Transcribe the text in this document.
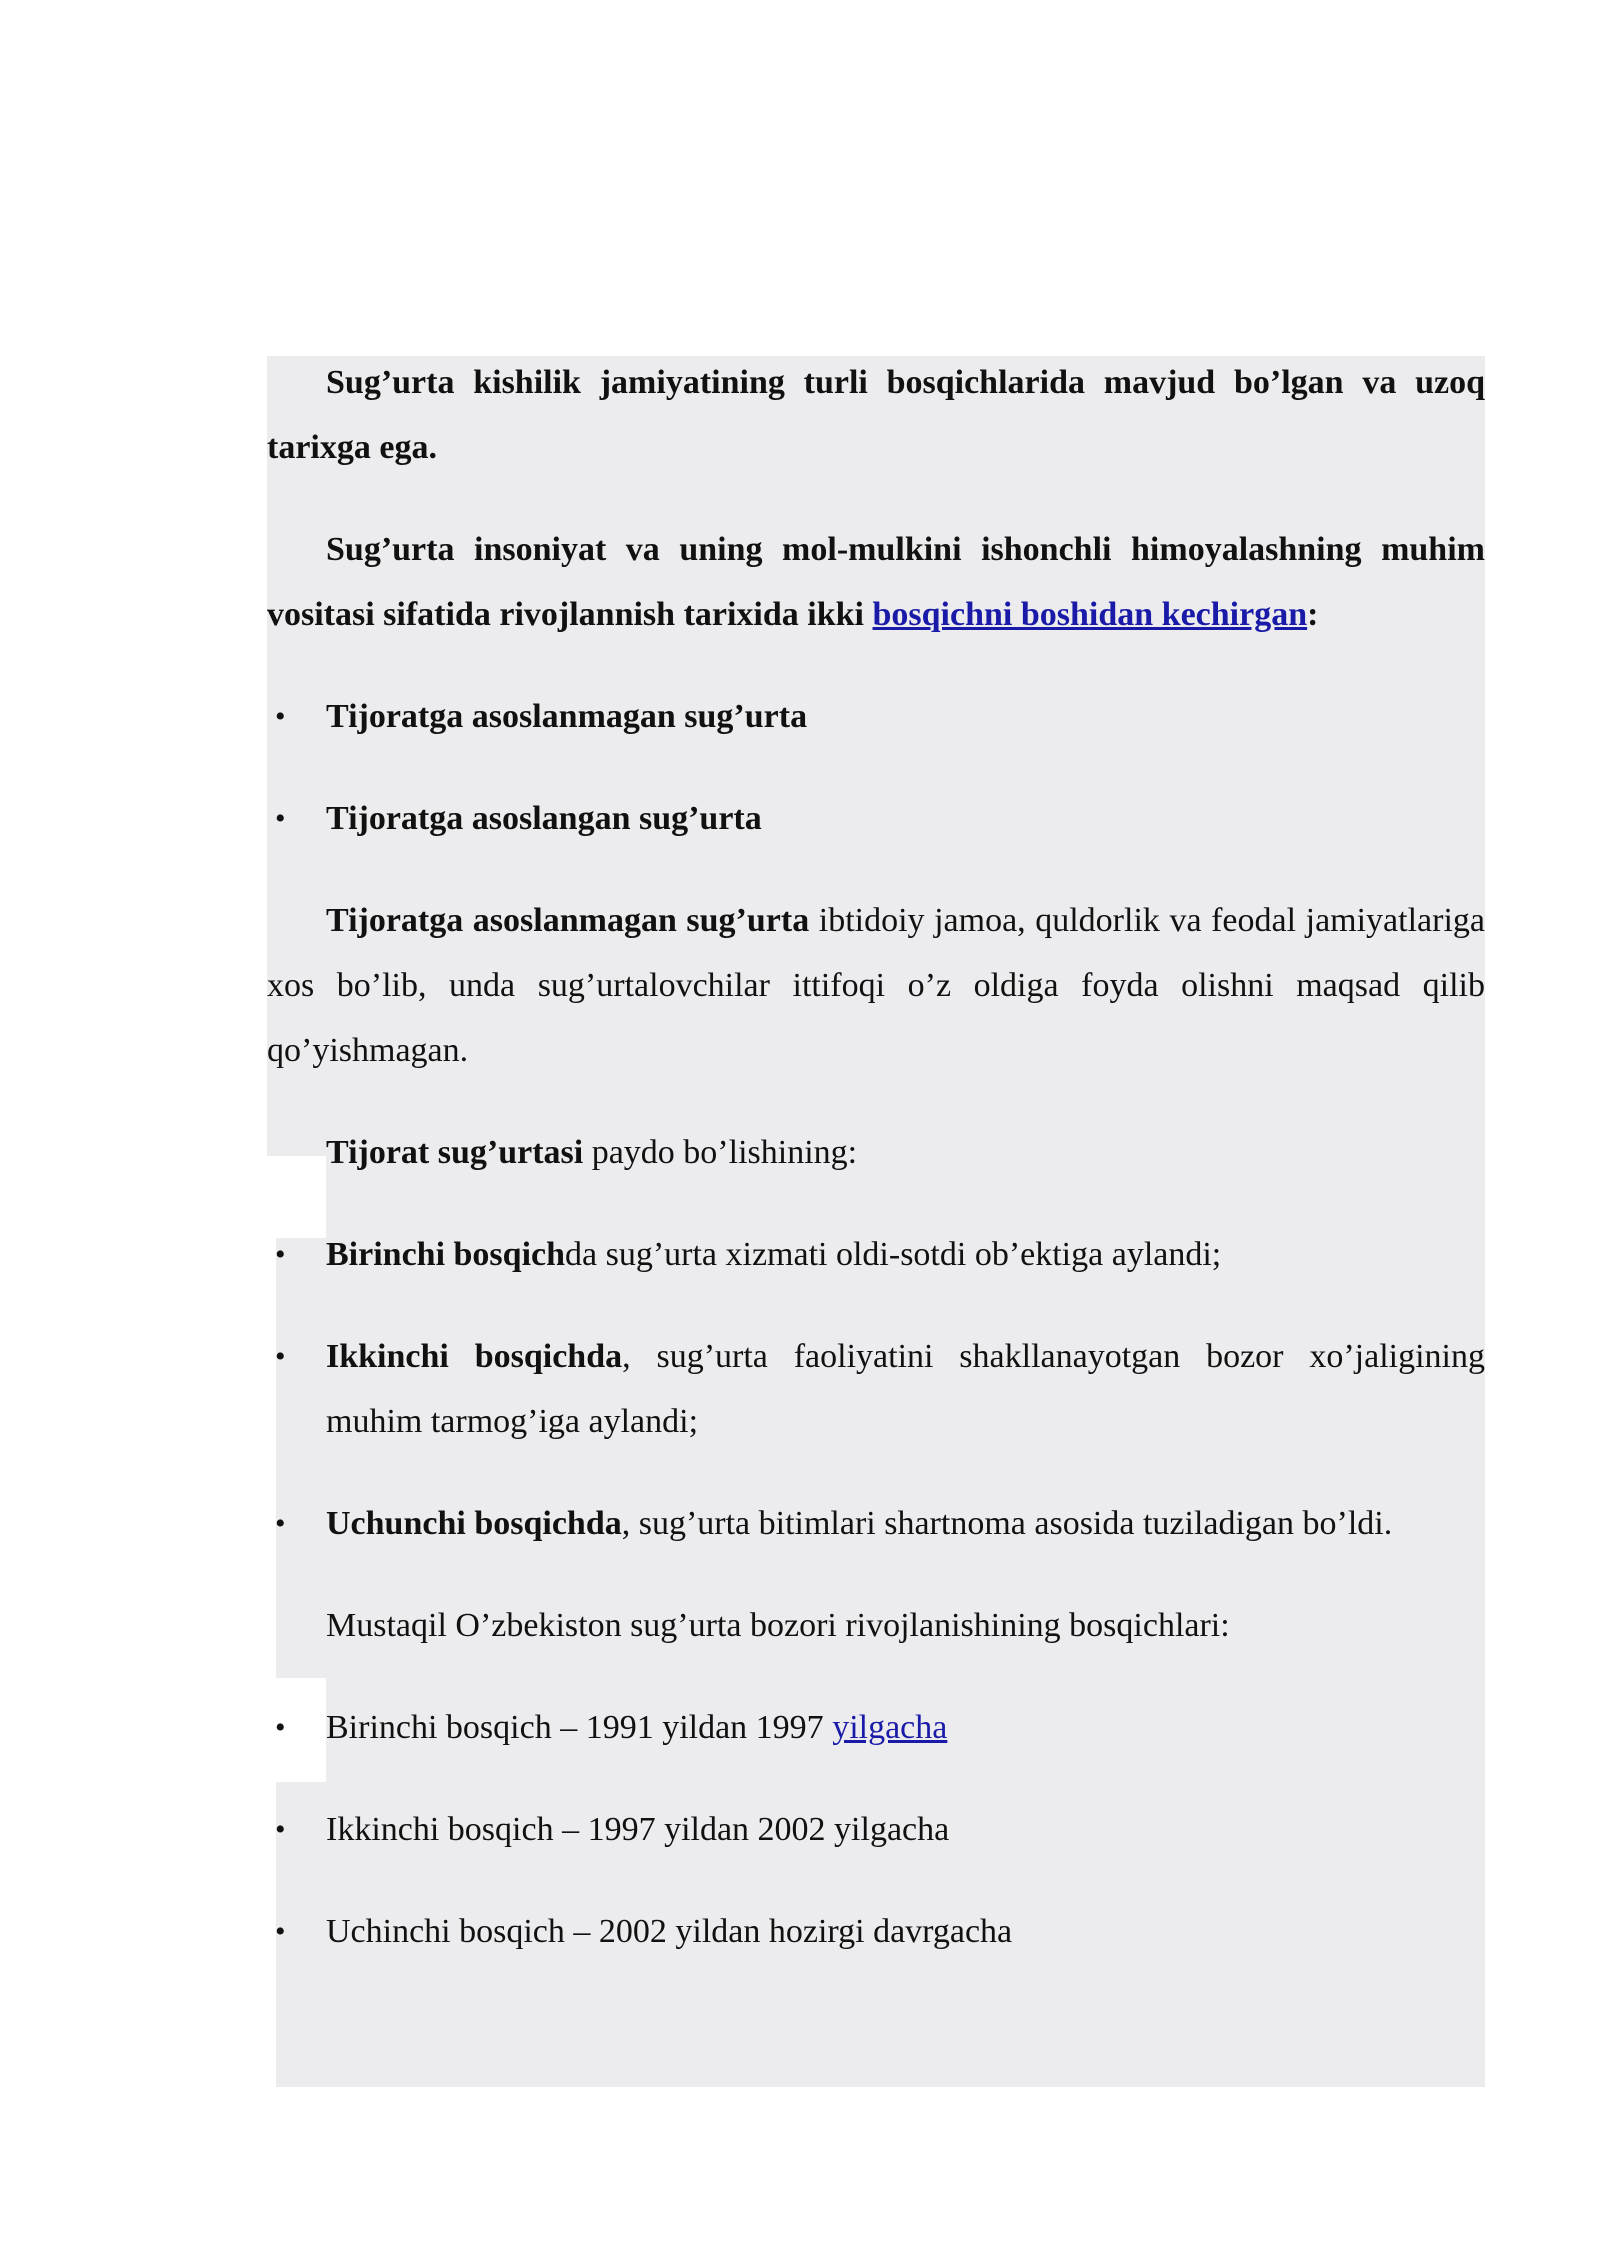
Sug’urta kishilik jamiyatining turli bosqichlarida mavjud bo’lgan va uzoq tarixga ega.

Sug’urta insoniyat va uning mol-mulkini ishonchli himoyalashning muhim vositasi sifatida rivojlannish tarixida ikki bosqichni boshidan kechirgan:

• Tijoratga asoslanmagan sug’urta
• Tijoratga asoslangan sug’urta

Tijoratga asoslanmagan sug’urta ibtidoiy jamoa, quldorlik va feodal jamiyatlariga xos bo’lib, unda sug’urtalovchilar ittifoqi o’z oldiga foyda olishni maqsad qilib qo’yishmagan.

Tijorat sug’urtasi paydo bo’lishining:

• Birinchi bosqichda sug’urta xizmati oldi-sotdi ob’ektiga aylandi;
• Ikkinchi bosqichda, sug’urta faoliyatini shakllanayotgan bozor xo’jaligining muhim tarmog’iga aylandi;
• Uchunchi bosqichda, sug’urta bitimlari shartnoma asosida tuziladigan bo’ldi.

Mustaqil O’zbekiston sug’urta bozori rivojlanishining bosqichlari:

• Birinchi bosqich – 1991 yildan 1997 yilgacha
• Ikkinchi bosqich – 1997 yildan 2002 yilgacha
• Uchinchi bosqich – 2002 yildan hozirgi davrgacha
